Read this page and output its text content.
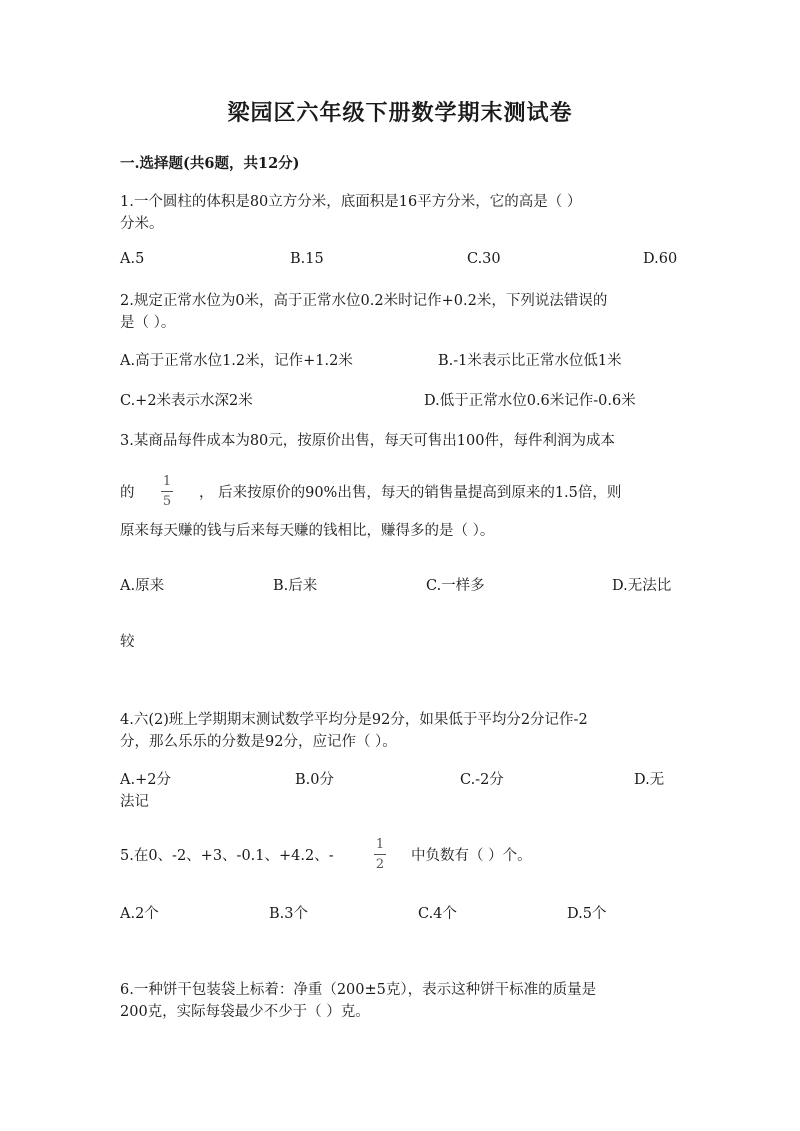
梁园区六年级下册数学期末测试卷
一.选择题(共6题，共12分)
1.一个圆柱的体积是80立方分米，底面积是16平方分米，它的高是（ ）
分米。
A.5	B.15	C.30	D.60
2.规定正常水位为0米，高于正常水位0.2米时记作+0.2米，下列说法错误的
是（ ）。
A.高于正常水位1.2米，记作+1.2米	B.-1米表示比正常水位低1米
C.+2米表示水深2米	D.低于正常水位0.6米记作-0.6米
3.某商品每件成本为80元，按原价出售，每天可售出100件，每件利润为成本
的
1
5
， 后来按原价的90%出售，每天的销售量提高到原来的1.5倍，则
原来每天赚的钱与后来每天赚的钱相比，赚得多的是（ ）。
A.原来	B.后来	C.一样多	D.无法比
较
4.六(2)班上学期期末测试数学平均分是92分，如果低于平均分2分记作-2
分，那么乐乐的分数是92分，应记作（ ）。
A.+2分	B.0分	C.-2分	D.无
法记
5.在0、-2、+3、-0.1、+4.2、-
1
2
中负数有（ ）个。
A.2个	B.3个	C.4个	D.5个
6.一种饼干包装袋上标着：净重（200±5克），表示这种饼干标准的质量是
200克，实际每袋最少不少于（ ）克。
